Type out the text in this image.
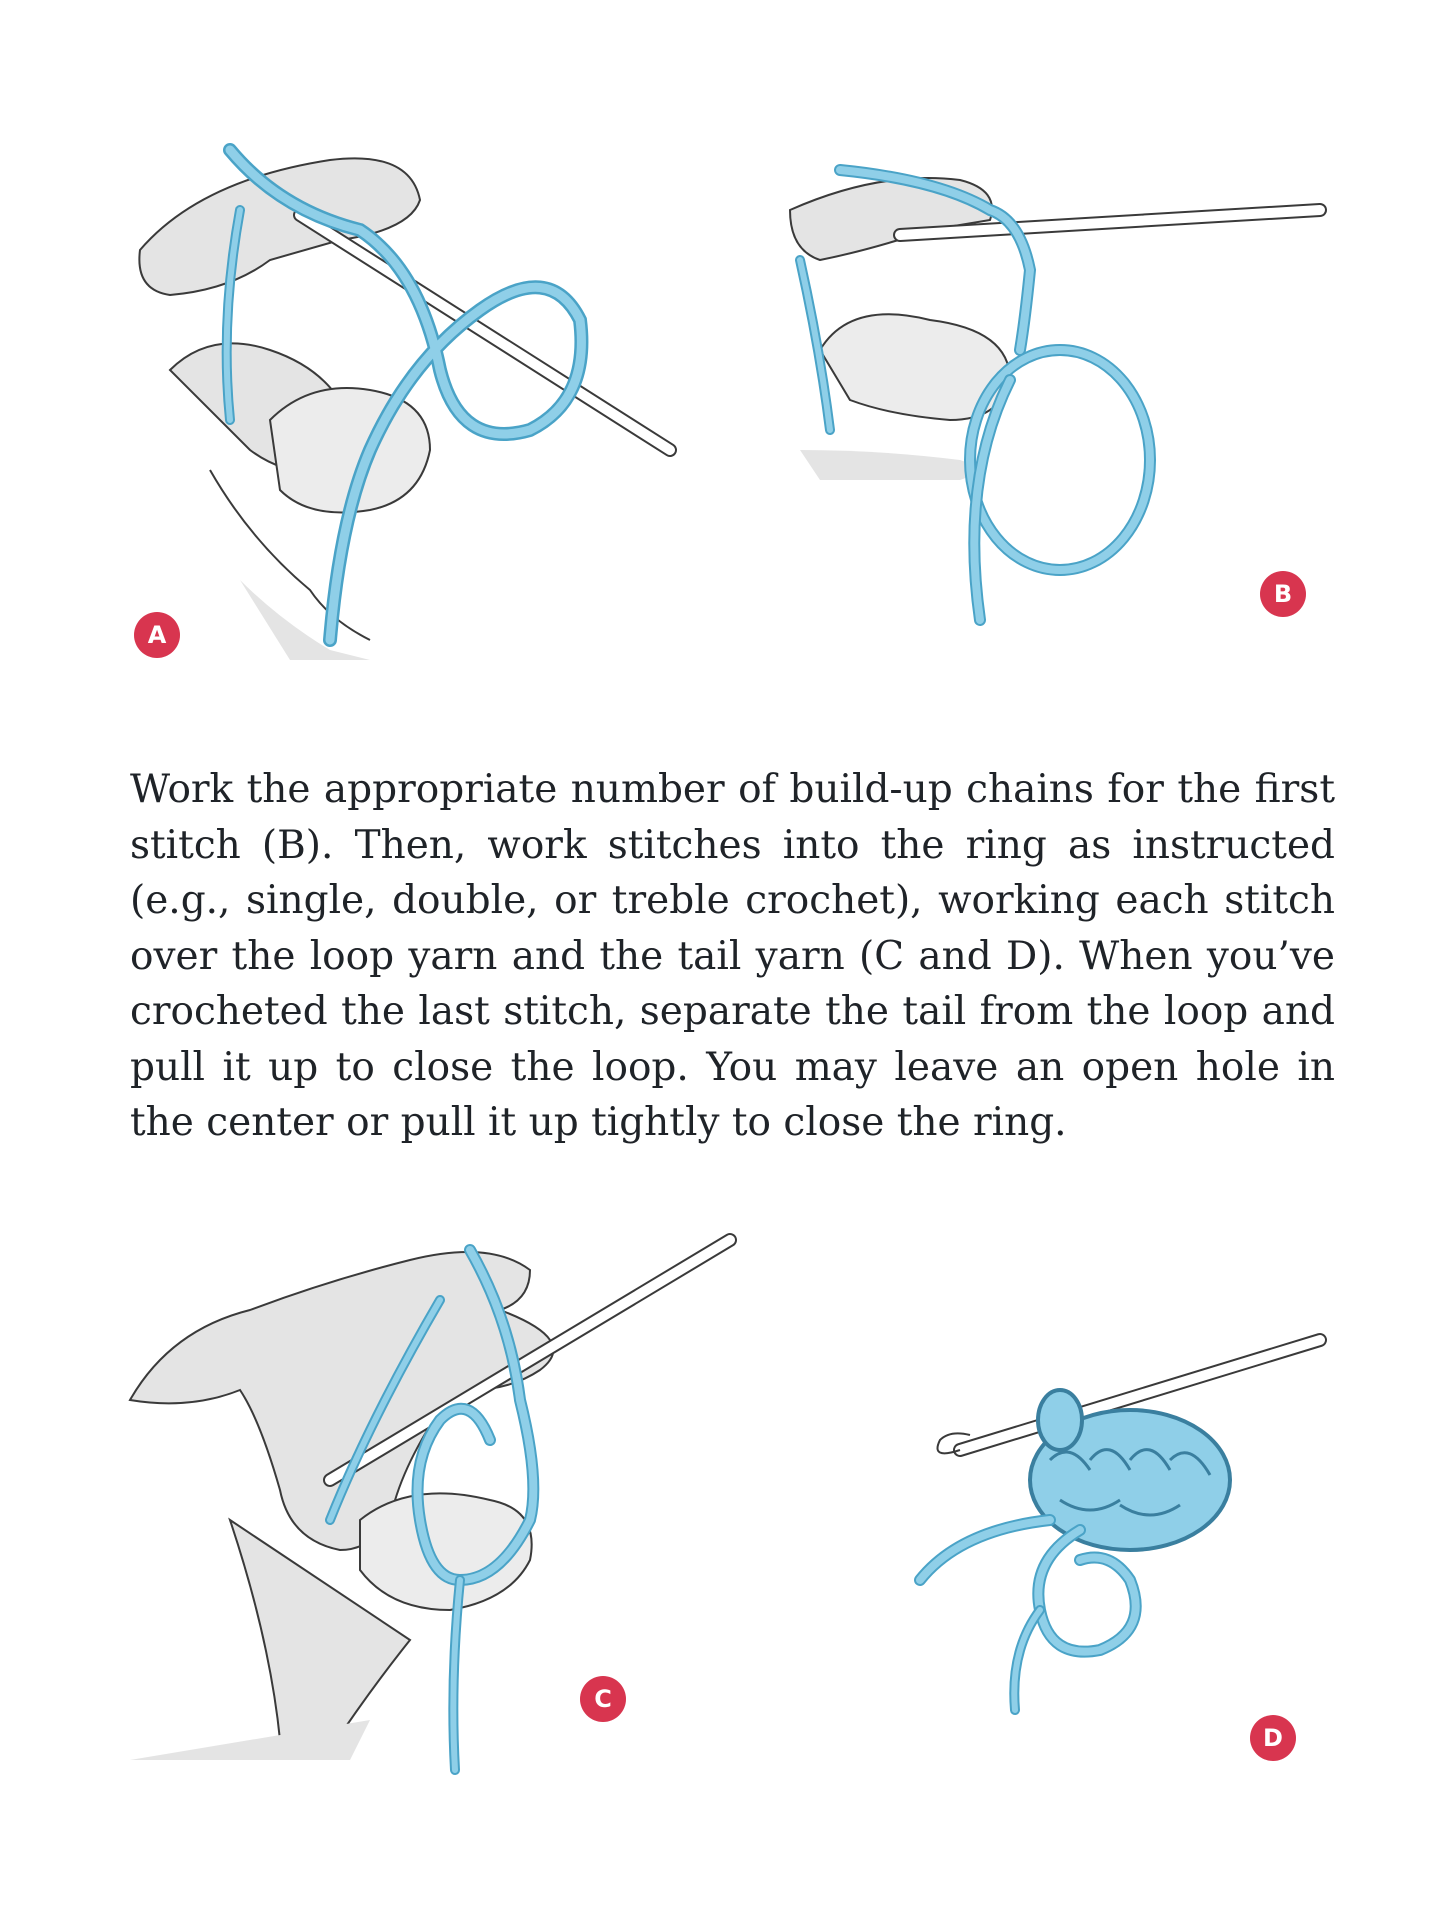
A
B
C
D

Work the appropriate number of build-up chains for the first stitch (B). Then, work stitches into the ring as instructed (e.g., single, double, or treble crochet), working each stitch over the loop yarn and the tail yarn (C and D). When you’ve crocheted the last stitch, separate the tail from the loop and pull it up to close the loop. You may leave an open hole in the center or pull it up tightly to close the ring.
